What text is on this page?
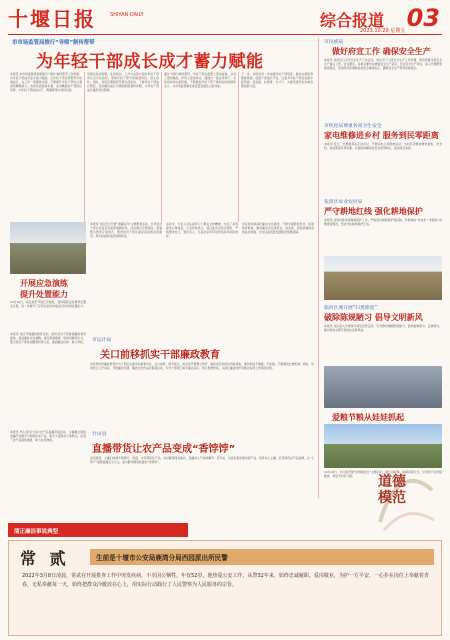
十堰日报	SHIYAN DAILY	综合报道 03
2023.10.20 星期五
市市场监管局推行“导师”制传帮带
为年轻干部成长成才蓄力赋能
本报讯 市市场监管局创新推行“导师”制传帮带工作机制，为年轻干部成长成才蓄力赋能，让年轻干部在传帮带中快速成长，在工作一线锤炼本领，不断提升年轻干部综合素质和履职能力。该局选派经验丰富、业务精湛的干部担任导师，与年轻干部结成对子，明确帮带内容和目标。
导师从政治思想、业务知识、工作方法等方面对年轻干部进行全方位指导，帮助年轻干部尽快熟悉岗位、进入角色。同时，该局定期组织开展交流座谈，了解年轻干部成长情况，及时解决成长中遇到的困难和问题，为年轻干部成长提供坚实保障。
通过“导师”制传帮带，年轻干部在思想上更加成熟，业务上更加熟练，作风上更加务实，涌现出一批业务骨干。该局将持续完善机制，不断激发年轻干部干事创业的热情和活力，为市场监管事业高质量发展注入新动能。
下一步，该局将进一步加强年轻干部培养，健全完善培养锻炼机制，搭建干部成长平台，让更多年轻干部在实践中经风雨、见世面、壮筋骨、长才干，为建设现代化市域治理贡献力量。
开展应急演练
提升处置能力
10月16日，该区组织开展应急演练，现场模拟突发事件处置全过程，进一步提升了应急队伍的快速反应和协同处置能力。
本报讯 该区近日开展“清廉家风”主题教育活动，引导党员干部以优良家风涵养清朗政风。活动通过专题讲座、观看警示教育片等形式，教育党员干部注重家庭家教家风建设，筑牢拒腐防变的思想防线。
活动中，与会人员认真学习了相关文件精神，交流了家风建设心得体会。大家纷纷表示，将以此次活动为契机，严格要求自己、管好家人，以良好家风带动党风政风持续向好。
该区将持续深化廉洁文化建设，不断丰富教育形式、拓展教育载体，推动廉洁文化进机关、进家庭，营造崇廉尚洁的良好氛围，为全区高质量发展提供坚强保障。
市运计局
关口前移抓实干部廉政教育
本报讯 该区开展廉政教育活动，组织党员干部参观廉政教育基地，接受廉政文化熏陶。通过观看展板、聆听讲解等方式，警示党员干部时刻绷紧纪律之弦，做到廉洁自律、秉公用权。
该局坚持把廉政教育作为干部队伍建设的重要内容，关口前移，抓早抓小，常态化开展警示教育、廉政谈话和岗位风险排查，推动形成不敢腐、不能腐、不想腐的长效机制。同时，该局结合工作实际，开展廉政党课、廉洁文化作品征集等活动，引导干部职工树牢廉洁意识，筑牢思想防线，以清正廉洁的作风推动各项工作落地见效。
竹山县
直播带货让农产品变成“香饽饽”
本报讯 竹山县近日举办农产品直播带货活动，主播通过网络直播平台推介当地特色农产品，吸引大量网友下单购买，拓宽了农产品销售渠道，助力农民增收。
活动现场，主播们热情介绍茶叶、香菇、木耳等特色产品，实时解答网友提问，直播间人气持续攀升。近年来，该县积极发展电商产业，培育本土主播，打造特色农产品品牌，让“土特产”借助直播走出大山，成为群众增收致富的“香饽饽”。
市民族局
做好府宣工作 确保安全生产
本报讯 该局近日召开安全生产工作会议，传达学习上级安全生产工作部署，研究部署当前安全生产重点工作。会议要求，各单位要切实增强安全生产意识，压实安全生产责任，深入开展隐患排查整治，坚决防范和遏制各类安全事故发生，确保安全生产形势持续稳定。
市疾控局尊重各项卫生安全
家电维修进乡村 服务到民零距离
本报讯 近日，志愿服务队走进乡村，开展家电义务维修活动，为村民免费检修电视机、洗衣机、电饭煲等家用电器，并现场讲解家电安全使用知识，受到村民欢迎。
张湾区农业农村局
严守耕地红线 强化耕地保护
本报讯 该局持续加强耕地保护工作，严格落实耕地保护责任制，开展耕地“非农化”“非粮化”问题排查整治，坚决守住耕地保护红线。
临河区城开展“扫黑除恶”
破除陈规陋习 倡导文明新风
本报讯 该区深入开展移风易俗宣传活动，引导群众破除陈规陋习，倡导婚事新办、丧事简办，推动形成文明节俭的社会新风尚。
爱粮节粮从娃娃抓起
10月16日，幼儿园开展“世界粮食日”主题活动，通过讲故事、做游戏等方式，引导孩子们珍惜粮食、养成节约好习惯。	道德模范
清正廉洁事说典型
常 贰	生前是十堰市公安局鹿湾分局西园派出所民警
2022年3月8日凌晨，常贰在开展排查工作中突发疾病，不幸因公牺牲，年仅52岁。他热爱公安工作，从警32年来，始终忠诚履职、爱岗敬业，为护一方平安、一心扑在岗位上奉献着青春，无私奉献每一天，始终把群众冷暖放在心上，用实际行动践行了人民警察为人民服务的宗旨。
